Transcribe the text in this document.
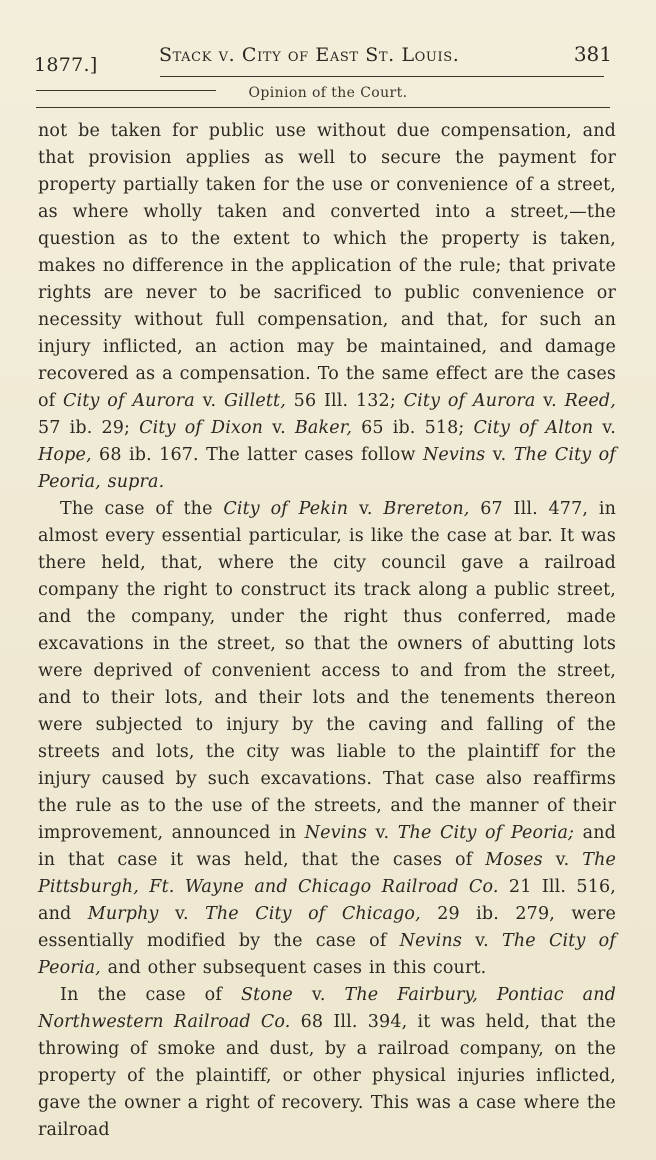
1877.]	Stack v. City of East St. Louis.	381
Opinion of the Court.

not be taken for public use without due compensation, and that provision applies as well to secure the payment for property partially taken for the use or convenience of a street, as where wholly taken and converted into a street,—the question as to the extent to which the property is taken, makes no difference in the application of the rule; that private rights are never to be sacrificed to public convenience or necessity without full compensation, and that, for such an injury inflicted, an action may be maintained, and damage recovered as a compensation. To the same effect are the cases of City of Aurora v. Gillett, 56 Ill. 132; City of Aurora v. Reed, 57 ib. 29; City of Dixon v. Baker, 65 ib. 518; City of Alton v. Hope, 68 ib. 167. The latter cases follow Nevins v. The City of Peoria, supra.

The case of the City of Pekin v. Brereton, 67 Ill. 477, in almost every essential particular, is like the case at bar. It was there held, that, where the city council gave a railroad company the right to construct its track along a public street, and the company, under the right thus conferred, made excavations in the street, so that the owners of abutting lots were deprived of convenient access to and from the street, and to their lots, and their lots and the tenements thereon were subjected to injury by the caving and falling of the streets and lots, the city was liable to the plaintiff for the injury caused by such excavations. That case also reaffirms the rule as to the use of the streets, and the manner of their improvement, announced in Nevins v. The City of Peoria; and in that case it was held, that the cases of Moses v. The Pittsburgh, Ft. Wayne and Chicago Railroad Co. 21 Ill. 516, and Murphy v. The City of Chicago, 29 ib. 279, were essentially modified by the case of Nevins v. The City of Peoria, and other subsequent cases in this court.

In the case of Stone v. The Fairbury, Pontiac and Northwestern Railroad Co. 68 Ill. 394, it was held, that the throwing of smoke and dust, by a railroad company, on the property of the plaintiff, or other physical injuries inflicted, gave the owner a right of recovery. This was a case where the railroad
